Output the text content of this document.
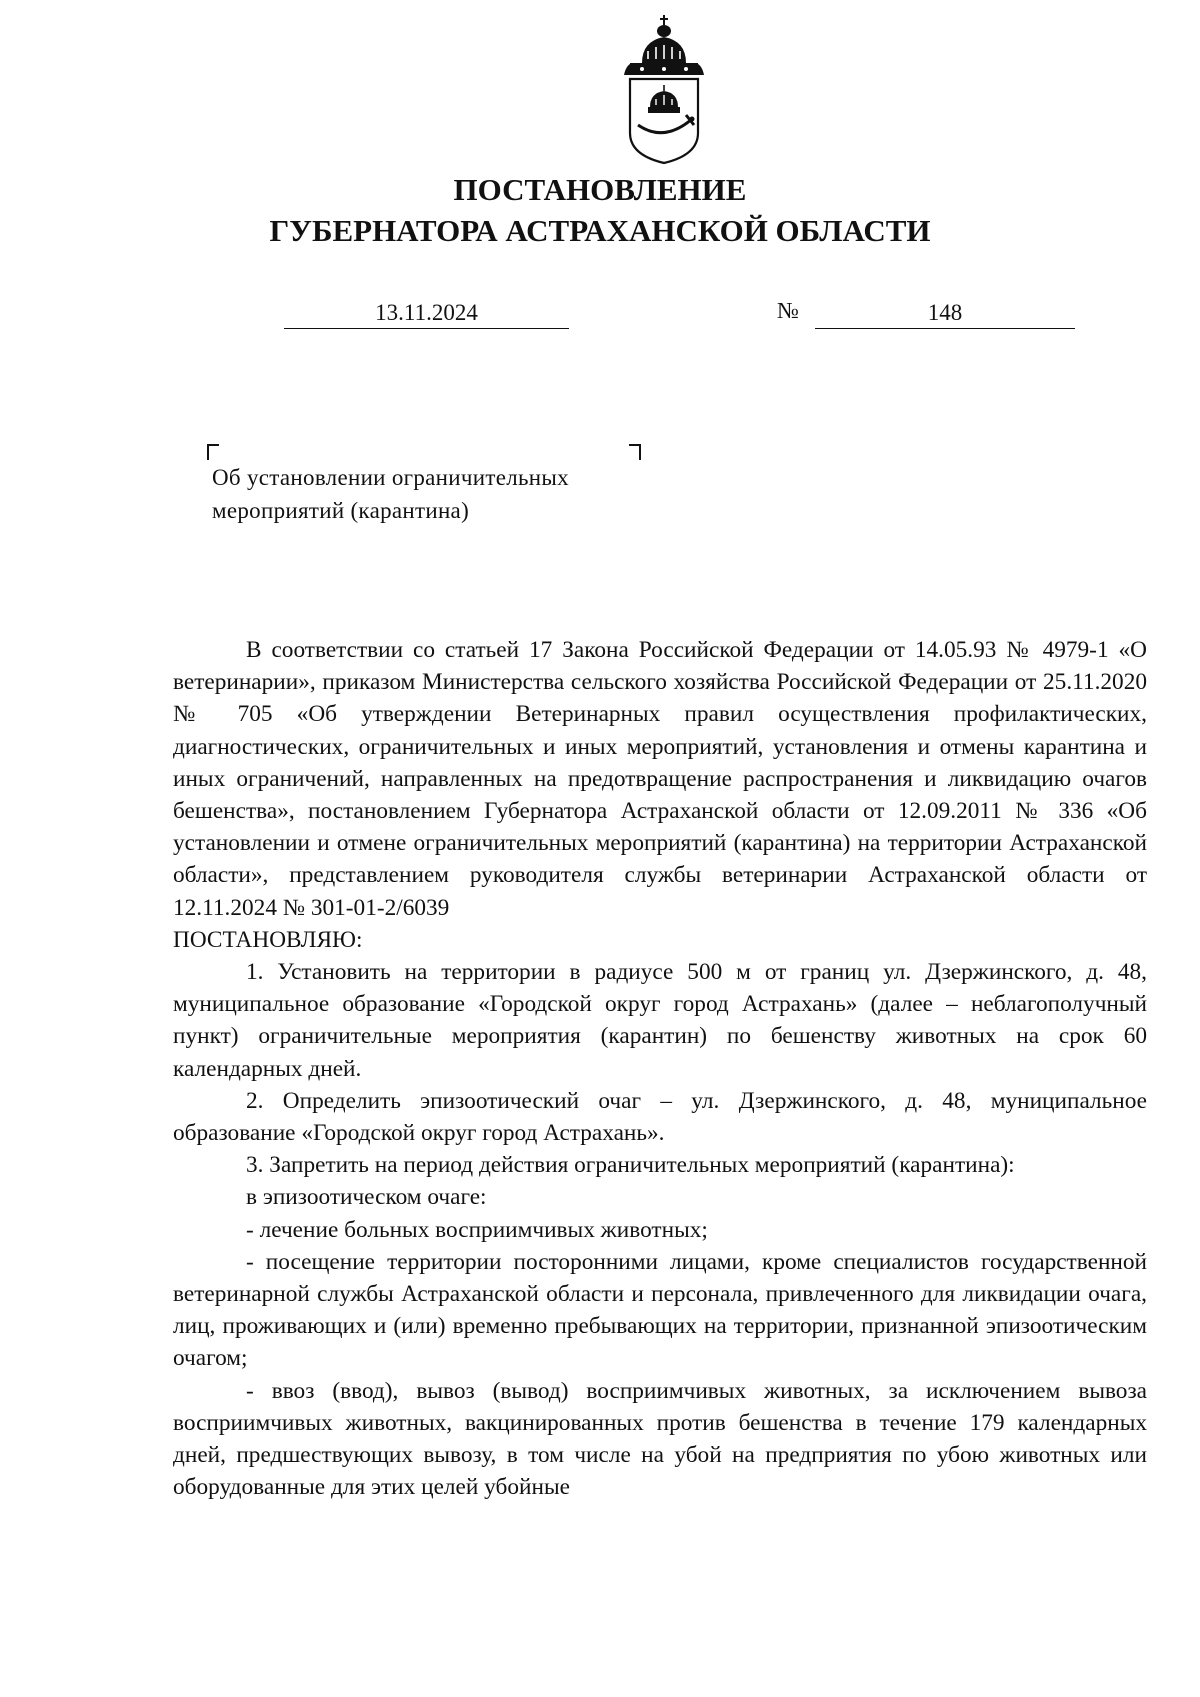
ПОСТАНОВЛЕНИЕ
ГУБЕРНАТОРА АСТРАХАНСКОЙ ОБЛАСТИ
13.11.2024	№	148
Об установлении ограничительных
мероприятий (карантина)

В соответствии со статьей 17 Закона Российской Федерации от 14.05.93 № 4979-1 «О ветеринарии», приказом Министерства сельского хозяйства Российской Федерации от 25.11.2020 № 705 «Об утверждении Ветеринарных правил осуществления профилактических, диагностических, ограничительных и иных мероприятий, установления и отмены карантина и иных ограничений, направленных на предотвращение распространения и ликвидацию очагов бешенства», постановлением Губернатора Астраханской области от 12.09.2011 № 336 «Об установлении и отмене ограничительных мероприятий (карантина) на территории Астраханской области», представлением руководителя службы ветеринарии Астраханской области от 12.11.2024 № 301-01-2/6039

ПОСТАНОВЛЯЮ:

1. Установить на территории в радиусе 500 м от границ ул. Дзержинского, д. 48, муниципальное образование «Городской округ город Астрахань» (далее – неблагополучный пункт) ограничительные мероприятия (карантин) по бешенству животных на срок 60 календарных дней.

2. Определить эпизоотический очаг – ул. Дзержинского, д. 48, муниципальное образование «Городской округ город Астрахань».

3. Запретить на период действия ограничительных мероприятий (карантина):

в эпизоотическом очаге:

- лечение больных восприимчивых животных;

- посещение территории посторонними лицами, кроме специалистов государственной ветеринарной службы Астраханской области и персонала, привлеченного для ликвидации очага, лиц, проживающих и (или) временно пребывающих на территории, признанной эпизоотическим очагом;

- ввоз (ввод), вывоз (вывод) восприимчивых животных, за исключением вывоза восприимчивых животных, вакцинированных против бешенства в течение 179 календарных дней, предшествующих вывозу, в том числе на убой на предприятия по убою животных или оборудованные для этих целей убойные
